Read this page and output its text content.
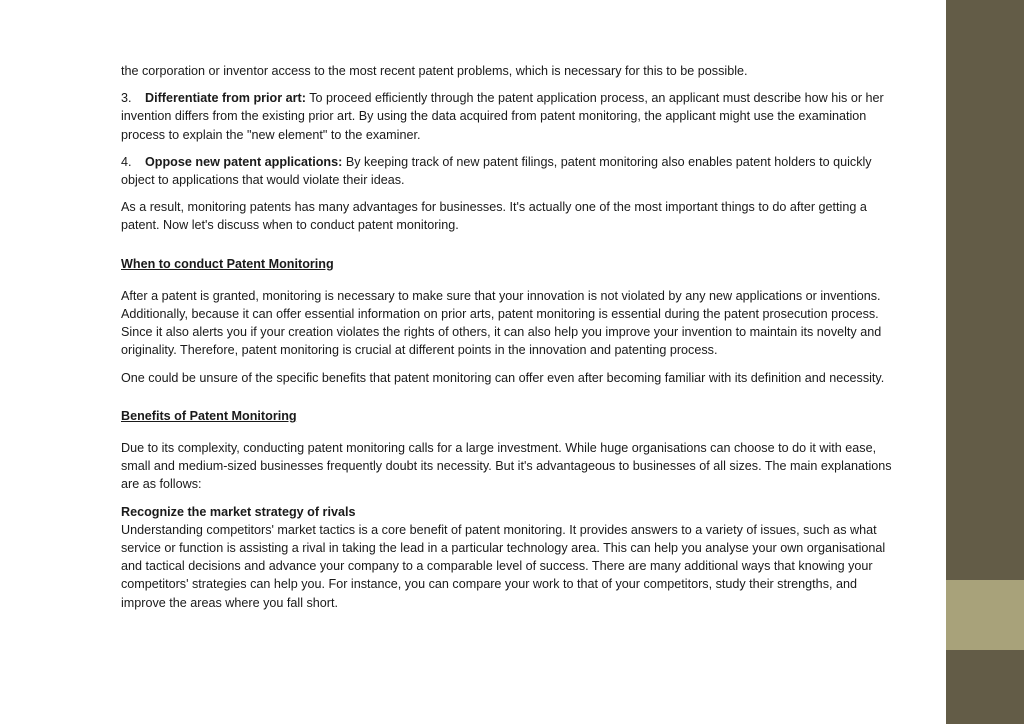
the corporation or inventor access to the most recent patent problems, which is necessary for this to be possible.

3. Differentiate from prior art: To proceed efficiently through the patent application process, an applicant must describe how his or her invention differs from the existing prior art. By using the data acquired from patent monitoring, the applicant might use the examination process to explain the "new element" to the examiner.

4. Oppose new patent applications: By keeping track of new patent filings, patent monitoring also enables patent holders to quickly object to applications that would violate their ideas.

As a result, monitoring patents has many advantages for businesses. It's actually one of the most important things to do after getting a patent. Now let's discuss when to conduct patent monitoring.

When to conduct Patent Monitoring

After a patent is granted, monitoring is necessary to make sure that your innovation is not violated by any new applications or inventions. Additionally, because it can offer essential information on prior arts, patent monitoring is essential during the patent prosecution process. Since it also alerts you if your creation violates the rights of others, it can also help you improve your invention to maintain its novelty and originality. Therefore, patent monitoring is crucial at different points in the innovation and patenting process.

One could be unsure of the specific benefits that patent monitoring can offer even after becoming familiar with its definition and necessity.

Benefits of Patent Monitoring

Due to its complexity, conducting patent monitoring calls for a large investment. While huge organisations can choose to do it with ease, small and medium-sized businesses frequently doubt its necessity. But it's advantageous to businesses of all sizes. The main explanations are as follows:

Recognize the market strategy of rivals
Understanding competitors' market tactics is a core benefit of patent monitoring. It provides answers to a variety of issues, such as what service or function is assisting a rival in taking the lead in a particular technology area. This can help you analyse your own organisational and tactical decisions and advance your company to a comparable level of success. There are many additional ways that knowing your competitors' strategies can help you. For instance, you can compare your work to that of your competitors, study their strengths, and improve the areas where you fall short.
